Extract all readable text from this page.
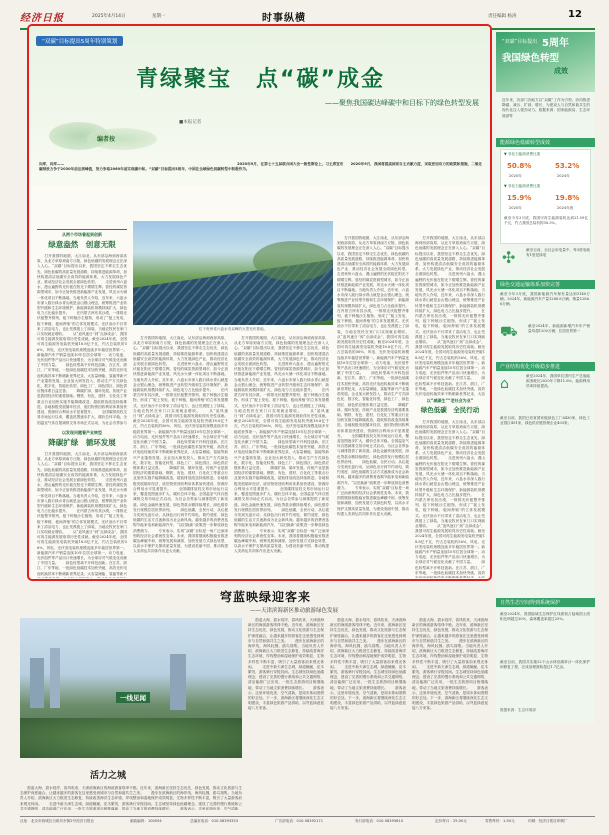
经济日报	2025年4月14日	星期一	时事纵横	责任编辑 杨涛	12
“双碳”目标提出5周年特别策划
青绿聚宝　点“碳”成金
——聚焦我国碳达峰碳中和目标下的绿色转型发展
■本报记者　　
编者按
向库，向库——　　　　　　　　　　　　　　　　　　　　　　　　　　　　　　　　　　　　　　　　　　　　　　　　2020年9月，在第七十五届联合国大会一般性辩论上，习主席宣布　　2020年9月，我国将提高国家自主贡献力度，采取更加有力的政策和措施，二氧化碳排放力争于2030年前达到峰值，努力争取2060年前实现碳中和。“双碳”目标提出5周年，中国在全球绿色低碳转型中积极作为。
从两个市场看起到创新
绿意盎然　创意无限
　　打开我国的地图，大江南北，从东部沿海到西部高原，从北方草原到南方丘陵，绿色低碳的发展理念正在深入人心。“双碳”目标提出以来，我国坚定不移走生态优先、绿色低碳的高质量发展道路，持续推进能源革命，加快构建清洁低碳安全高效的能源体系，大力发展绿色产业，推动经济社会发展全面绿色转型。　　走进贵州六盘水，漫山遍野的光伏板在阳光下熠熠生辉。曾经的煤炭资源型城市，如今正加快推进新能源产业发展，风光水火储一体化项目不断落地。当地负责人介绍，近年来，六盘水市深入践行绿水青山就是金山银山理念，统筹推进产业转型升级和生态环境保护，新能源装机规模持续扩大，绿色电力占比稳步提升。　　在内蒙古库布其沙漠，一排排光伏板整齐排列，板下种植沙生植物，形成了“板上发电、板下种植、板间养殖”的立体发展模式。光伏治沙不仅带来了清洁电力，也让荒漠披上了绿装，当地农牧民在家门口实现就业增收。　　从“追风逐日”到“点绿成金”，我国可再生能源发展取得历史性成就。截至2024年底，全国可再生能源发电装机突破18.8亿千瓦，约占总装机的56%，风电、光伏发电装机规模连续多年稳居世界第一。新能源汽车产销量连续10年位居全球第一，动力电池、光伏组件等产品出口快速增长，为全球应对气候变化贡献了中国力量。　　绿色转型离不开科技创新。在江苏、浙江、广东等地，一批绿色低碳技术加快突破，高效光伏电池转换效率不断刷新世界纪录，大容量储能、氢能等新兴产业蓬勃发展。企业加大研发投入，推动生产方式绿色化、数字化、智能化转型，绿色工厂、绿色园区、绿色供应链体系日益完善。　　降碳扩绿，循环发展。传统产业是我国经济的重要基础。钢铁、有色、建材、石化化工等重点行业加快实施节能降碳改造，超低排放改造持续推进。各地积极发展循环经济，废旧物资回收利用体系加快建设，资源综合利用水平显著提升。　　全国碳排放权交易市场运行以来，覆盖范围逐步扩大，碳价总体平稳。全国温室气体自愿减排交易市场正式启动，为社会各界参与　　　　
以发现问题看产业转型
降碳扩绿　循环发展
　　打开我国的地图，大江南北，从东部沿海到西部高原，从北方草原到南方丘陵，绿色低碳的发展理念正在深入人心。“双碳”目标提出以来，我国坚定不移走生态优先、绿色低碳的高质量发展道路，持续推进能源革命，加快构建清洁低碳安全高效的能源体系，大力发展绿色产业，推动经济社会发展全面绿色转型。　　走进贵州六盘水，漫山遍野的光伏板在阳光下熠熠生辉。曾经的煤炭资源型城市，如今正加快推进新能源产业发展，风光水火储一体化项目不断落地。当地负责人介绍，近年来，六盘水市深入践行绿水青山就是金山银山理念，统筹推进产业转型升级和生态环境保护，新能源装机规模持续扩大，绿色电力占比稳步提升。　　在内蒙古库布其沙漠，一排排光伏板整齐排列，板下种植沙生植物，形成了“板上发电、板下种植、板间养殖”的立体发展模式。光伏治沙不仅带来了清洁电力，也让荒漠披上了绿装，当地农牧民在家门口实现就业增收。　　从“追风逐日”到“点绿成金”，我国可再生能源发展取得历史性成就。截至2024年底，全国可再生能源发电装机突破18.8亿千瓦，约占总装机的56%，风电、光伏发电装机规模连续多年稳居世界第一。新能源汽车产销量连续10年位居全球第一，动力电池、光伏组件等产品出口快速增长，为全球应对气候变化贡献了中国力量。　　绿色转型离不开科技创新。在江苏、浙江、广东等地，一批绿色低碳技术加快突破，高效光伏电池转换效率不断刷新世界纪录，大容量储能、氢能等新兴　　　　　　　　
位于贵州省六盘水市双峰的大型光伏基地。
　　打开我国的地图，大江南北，从东部沿海到西部高原，从北方草原到南方丘陵，绿色低碳的发展理念正在深入人心。“双碳”目标提出以来，我国坚定不移走生态优先、绿色低碳的高质量发展道路，持续推进能源革命，加快构建清洁低碳安全高效的能源体系，大力发展绿色产业，推动经济社会发展全面绿色转型。　　走进贵州六盘水，漫山遍野的光伏板在阳光下熠熠生辉。曾经的煤炭资源型城市，如今正加快推进新能源产业发展，风光水火储一体化项目不断落地。当地负责人介绍，近年来，六盘水市深入践行绿水青山就是金山银山理念，统筹推进产业转型升级和生态环境保护，新能源装机规模持续扩大，绿色电力占比稳步提升。　　在内蒙古库布其沙漠，一排排光伏板整齐排列，板下种植沙生植物，形成了“板上发电、板下种植、板间养殖”的立体发展模式。光伏治沙不仅带来了清洁电力，也让荒漠披上了绿装，当地农牧民在家门口实现就业增收。　　从“追风逐日”到“点绿成金”，我国可再生能源发展取得历史性成就。截至2024年底，全国可再生能源发电装机突破18.8亿千瓦，约占总装机的56%，风电、光伏发电装机规模连续多年稳居世界第一。新能源汽车产销量连续10年位居全球第一，动力电池、光伏组件等产品出口快速增长，为全球应对气候变化贡献了中国力量。　　绿色转型离不开科技创新。在江苏、浙江、广东等地，一批绿色低碳技术加快突破，高效光伏电池转换效率不断刷新世界纪录，大容量储能、氢能等新兴产业蓬勃发展。企业加大研发投入，推动生产方式绿色化、数字化、智能化转型，绿色工厂、绿色园区、绿色供应链体系日益完善。　　降碳扩绿，循环发展。传统产业是我国经济的重要基础。钢铁、有色、建材、石化化工等重点行业加快实施节能降碳改造，超低排放改造持续推进。各地积极发展循环经济，废旧物资回收利用体系加快建设，资源综合利用水平显著提升。　　全国碳排放权交易市场运行以来，覆盖范围逐步扩大，碳价总体平稳。全国温室气体自愿减排交易市场正式启动，为社会各界参与减排提供了新渠道。绿色金融快速发展，绿色贷款余额持续增长，绿色债券发行规模位居世界前列。　　绿色低碳，全民行动。从垃圾分类到光盘行动，从绿色出行到节约用电，简约适度、绿色低碳的生活方式逐渐成为社会新风尚。越来越多的消费者选购节能家电和新能源汽车，“以旧换新”政策进一步释放绿色消费潜力。　　专家表示，实现“双碳”目标是一场广泛而深刻的经济社会系统性变革。未来，我国将继续积极稳妥推进碳达峰碳中和，统筹发展和减排，加快发展方式绿色转型，以高水平保护支撑高质量发展，为建设美丽中国、推动构建人类命运共同体作出更大贡献。
　　打开我国的地图，大江南北，从东部沿海到西部高原，从北方草原到南方丘陵，绿色低碳的发展理念正在深入人心。“双碳”目标提出以来，我国坚定不移走生态优先、绿色低碳的高质量发展道路，持续推进能源革命，加快构建清洁低碳安全高效的能源体系，大力发展绿色产业，推动经济社会发展全面绿色转型。　　走进贵州六盘水，漫山遍野的光伏板在阳光下熠熠生辉。曾经的煤炭资源型城市，如今正加快推进新能源产业发展，风光水火储一体化项目不断落地。当地负责人介绍，近年来，六盘水市深入践行绿水青山就是金山银山理念，统筹推进产业转型升级和生态环境保护，新能源装机规模持续扩大，绿色电力占比稳步提升。　　在内蒙古库布其沙漠，一排排光伏板整齐排列，板下种植沙生植物，形成了“板上发电、板下种植、板间养殖”的立体发展模式。光伏治沙不仅带来了清洁电力，也让荒漠披上了绿装，当地农牧民在家门口实现就业增收。　　从“追风逐日”到“点绿成金”，我国可再生能源发展取得历史性成就。截至2024年底，全国可再生能源发电装机突破18.8亿千瓦，约占总装机的56%，风电、光伏发电装机规模连续多年稳居世界第一。新能源汽车产销量连续10年位居全球第一，动力电池、光伏组件等产品出口快速增长，为全球应对气候变化贡献了中国力量。　　绿色转型离不开科技创新。在江苏、浙江、广东等地，一批绿色低碳技术加快突破，高效光伏电池转换效率不断刷新世界纪录，大容量储能、氢能等新兴产业蓬勃发展。企业加大研发投入，推动生产方式绿色化、数字化、智能化转型，绿色工厂、绿色园区、绿色供应链体系日益完善。　　降碳扩绿，循环发展。传统产业是我国经济的重要基础。钢铁、有色、建材、石化化工等重点行业加快实施节能降碳改造，超低排放改造持续推进。各地积极发展循环经济，废旧物资回收利用体系加快建设，资源综合利用水平显著提升。　　全国碳排放权交易市场运行以来，覆盖范围逐步扩大，碳价总体平稳。全国温室气体自愿减排交易市场正式启动，为社会各界参与减排提供了新渠道。绿色金融快速发展，绿色贷款余额持续增长，绿色债券发行规模位居世界前列。　　绿色低碳，全民行动。从垃圾分类到光盘行动，从绿色出行到节约用电，简约适度、绿色低碳的生活方式逐渐成为社会新风尚。越来越多的消费者选购节能家电和新能源汽车，“以旧换新”政策进一步释放绿色消费潜力。　　专家表示，实现“双碳”目标是一场广泛而深刻的经济社会系统性变革。未来，我国将继续积极稳妥推进碳达峰碳中和，统筹发展和减排，加快发展方式绿色转型，以高水平保护支撑高质量发展，为建设美丽中国、推动构建人类命运共同体作出更大贡献。
　　打开我国的地图，大江南北，从东部沿海到西部高原，从北方草原到南方丘陵，绿色低碳的发展理念正在深入人心。“双碳”目标提出以来，我国坚定不移走生态优先、绿色低碳的高质量发展道路，持续推进能源革命，加快构建清洁低碳安全高效的能源体系，大力发展绿色产业，推动经济社会发展全面绿色转型。　　走进贵州六盘水，漫山遍野的光伏板在阳光下熠熠生辉。曾经的煤炭资源型城市，如今正加快推进新能源产业发展，风光水火储一体化项目不断落地。当地负责人介绍，近年来，六盘水市深入践行绿水青山就是金山银山理念，统筹推进产业转型升级和生态环境保护，新能源装机规模持续扩大，绿色电力占比稳步提升。　　在内蒙古库布其沙漠，一排排光伏板整齐排列，板下种植沙生植物，形成了“板上发电、板下种植、板间养殖”的立体发展模式。光伏治沙不仅带来了清洁电力，也让荒漠披上了绿装，当地农牧民在家门口实现就业增收。　　从“追风逐日”到“点绿成金”，我国可再生能源发展取得历史性成就。截至2024年底，全国可再生能源发电装机突破18.8亿千瓦，约占总装机的56%，风电、光伏发电装机规模连续多年稳居世界第一。新能源汽车产销量连续10年位居全球第一，动力电池、光伏组件等产品出口快速增长，为全球应对气候变化贡献了中国力量。　　绿色转型离不开科技创新。在江苏、浙江、广东等地，一批绿色低碳技术加快突破，高效光伏电池转换效率不断刷新世界纪录，大容量储能、氢能等新兴产业蓬勃发展。企业加大研发投入，推动生产方式绿色化、数字化、智能化转型，绿色工厂、绿色园区、绿色供应链体系日益完善。　　降碳扩绿，循环发展。传统产业是我国经济的重要基础。钢铁、有色、建材、石化化工等重点行业加快实施节能降碳改造，超低排放改造持续推进。各地积极发展循环经济，废旧物资回收利用体系加快建设，资源综合利用水平显著提升。　　全国碳排放权交易市场运行以来，覆盖范围逐步扩大，碳价总体平稳。全国温室气体自愿减排交易市场正式启动，为社会各界参与减排提供了新渠道。绿色金融快速发展，绿色贷款余额持续增长，绿色债券发行规模位居世界前列。　　绿色低碳，全民行动。从垃圾分类到光盘行动，从绿色出行到节约用电，简约适度、绿色低碳的生活方式逐渐成为社会新风尚。越来越多的消费者选购节能家电和新能源汽车，“以旧换新”政策进一步释放绿色消费潜力。　　专家表示，实现“双碳”目标是一场广泛而深刻的经济社会系统性变革。未来，我国将继续积极稳妥推进碳达峰碳中和，统筹发展和减排，加快发展方式绿色转型，以高水平保护支撑高质量发展，为建设美丽中国、推动构建人类命运共同体作出更大贡献。
　　打开我国的地图，大江南北，从东部沿海到西部高原，从北方草原到南方丘陵，绿色低碳的发展理念正在深入人心。“双碳”目标提出以来，我国坚定不移走生态优先、绿色低碳的高质量发展道路，持续推进能源革命，加快构建清洁低碳安全高效的能源体系，大力发展绿色产业，推动经济社会发展全面绿色转型。　　走进贵州六盘水，漫山遍野的光伏板在阳光下熠熠生辉。曾经的煤炭资源型城市，如今正加快推进新能源产业发展，风光水火储一体化项目不断落地。当地负责人介绍，近年来，六盘水市深入践行绿水青山就是金山银山理念，统筹推进产业转型升级和生态环境保护，新能源装机规模持续扩大，绿色电力占比稳步提升。　　在内蒙古库布其沙漠，一排排光伏板整齐排列，板下种植沙生植物，形成了“板上发电、板下种植、板间养殖”的立体发展模式。光伏治沙不仅带来了清洁电力，也让荒漠披上了绿装，当地农牧民在家门口实现就业增收。　　从“追风逐日”到“点绿成金”，我国可再生能源发展取得历史性成就。截至2024年底，全国可再生能源发电装机突破18.8亿千瓦，约占总装机的56%，风电、光伏发电装机规模连续多年稳居世界第一。新能源汽车产销量连续10年位居全球第一，动力电池、光伏组件等产品出口快速增长，为全球应对气候变化贡献了中国力量。　　绿色转型离不开科技创新。在江苏、浙江、广东等地，一批绿色低碳技术加快突破，高效光伏电池转换效率不断刷新世界纪录，大容　　　　　　　　
以“减碳生”“老社会为业”
绿色低碳　全民行动
　　打开我国的地图，大江南北，从东部沿海到西部高原，从北方草原到南方丘陵，绿色低碳的发展理念正在深入人心。“双碳”目标提出以来，我国坚定不移走生态优先、绿色低碳的高质量发展道路，持续推进能源革命，加快构建清洁低碳安全高效的能源体系，大力发展绿色产业，推动经济社会发展全面绿色转型。　　走进贵州六盘水，漫山遍野的光伏板在阳光下熠熠生辉。曾经的煤炭资源型城市，如今正加快推进新能源产业发展，风光水火储一体化项目不断落地。当地负责人介绍，近年来，六盘水市深入践行绿水青山就是金山银山理念，统筹推进产业转型升级和生态环境保护，新能源装机规模持续扩大，绿色电力占比稳步提升。　　在内蒙古库布其沙漠，一排排光伏板整齐排列，板下种植沙生植物，形成了“板上发电、板下种植、板间养殖”的立体发展模式。光伏治沙不仅带来了清洁电力，也让荒漠披上了绿装，当地农牧民在家门口实现就业增收。　　从“追风逐日”到“点绿成金”，我国可再生能源发展取得历史性成就。截至2024年底，全国可再生能源发电装机突破18.8亿千瓦，约占总装机的56%，风电、光伏发电装机规模连续多年稳居世界第一。新能源汽车产销量连续10年位居全球第一，动力电池、光伏组件等产品出口快速增长，为全球应对气候变化贡献了中国力量。　　绿色转型离不开科技创新。在江苏、浙江、广东等地，一批绿色低碳技术加快突破，高效　　　　　　　　
“双碳”目标提出 5周年
我国绿色转型
成效
近年来，各部门各地方以“双碳”工作为引领，协同推进降碳、减污、扩绿、增长，为建设人与自然和谐共生的现代化注入强劲动力。数据来源：国家能源局、生态环境部等
能源绿色低碳转型成效
▼ 非化石能源消费比重
50.8%	53.2%
2020年	2024年
▼ 非化石能源消费比重
15.9%	19.8%
2020年	2024年底
截至今年3月底，我国可再生能源装机达到21.59亿千瓦，约占我国总装机的58.3%。
✣	截至目前，全社会用电量中，每3度电就有1度是绿电
绿色交通运输体系加快完善
截至今年3月底，我国新能源汽车保有量达到3140万辆。2024年，新能源汽车产量1288.8万辆，销量1286.6万辆。
⛟	截至2024年，新能源新增汽车年产销量均超1200万辆，位居世界第一
产业结构优化升级稳步推进
截至2024年，我国单位国内生产总值能源消耗比2020年下降11.6%，能源利用效率持续提高。
⌂
截至目前，我国已培育国家级绿色工厂6430家，绿色工业园区491家，绿色供应链管理企业403家。
自然生态空间得到系统保护
截至2024年，我国陆域生态保护红线面积占陆域国土面积比例超过30%，森林覆盖率超过25%。
截至目前，我国共实施52个山水林田湖草沙一体化保护和修复工程，完成治理面积超过1.7亿亩。
数据来源：生态环境部
穹蓝映绿迎客来
——天津滨海新区推动旅游绿色发展
一线见闻
活力之城
　　蔚蓝大海，碧水绕岸，春风吹来，天津滨海新区的海滨游客络绎不绝。近年来，滨海新区坚持生态优先、绿色发展，推动文化旅游与生态保护深度融合，让越来越多的游客在这里感受到城市与自然和谐共生之美。　　漫步在滨海新区的海岸线，海风轻拂，鸥鸟翔集。当地负责人介绍，滨海新区大力推进生态修复，持续改善海洋生态环境，岸线整治和湿地保护成效明显，生物多样性不断丰富，吸引了大量游客前来观光休闲。　　走进中新天津生态城，绿道蜿蜒，花木繁茂，游客骑行穿梭其间。生态城坚持绿色低碳理念，建设了完善的慢行系统和公共交通网络，清洁能源广泛应用，一批生态旅游项目相继落地，带动了当地文旅消费持续增长。　　游客表示，这里环境优美、空气清新，
　　蔚蓝大海，碧水绕岸，春风吹来，天津滨海新区的海滨游客络绎不绝。近年来，滨海新区坚持生态优先、绿色发展，推动文化旅游与生态保护深度融合，让越来越多的游客在这里感受到城市与自然和谐共生之美。　　漫步在滨海新区的海岸线，海风轻拂，鸥鸟翔集。当地负责人介绍，滨海新区大力推进生态修复，持续改善海洋生态环境，岸线整治和湿地保护成效明显，生物多样性不断丰富，吸引了大量游客前来观光休闲。　　走进中新天津生态城，绿道蜿蜒，花木繁茂，游客骑行穿梭其间。生态城坚持绿色低碳理念，建设了完善的慢行系统和公共交通网络，清洁能源广泛应用，一批生态旅游项目相继落地，带动了当地文旅消费持续增长。　　游客表示，这里环境优美、空气清新，是周末休闲度假的好去处。下一步，滨海新区将继续深化生态文明建设，丰富绿色旅游产品供给，以穹蓝绿意迎接八方来客。
　　蔚蓝大海，碧水绕岸，春风吹来，天津滨海新区的海滨游客络绎不绝。近年来，滨海新区坚持生态优先、绿色发展，推动文化旅游与生态保护深度融合，让越来越多的游客在这里感受到城市与自然和谐共生之美。　　漫步在滨海新区的海岸线，海风轻拂，鸥鸟翔集。当地负责人介绍，滨海新区大力推进生态修复，持续改善海洋生态环境，岸线整治和湿地保护成效明显，生物多样性不断丰富，吸引了大量游客前来观光休闲。　　走进中新天津生态城，绿道蜿蜒，花木繁茂，游客骑行穿梭其间。生态城坚持绿色低碳理念，建设了完善的慢行系统和公共交通网络，清洁能源广泛应用，一批生态旅游项目相继落地，带动了当地文旅消费持续增长。　　游客表示，这里环境优美、空气清新，是周末休闲度假的好去处。下一步，滨海新区将继续深化生态文明建设，丰富绿色旅游产品供给，以穹蓝绿意迎接八方来客。
　　蔚蓝大海，碧水绕岸，春风吹来，天津滨海新区的海滨游客络绎不绝。近年来，滨海新区坚持生态优先、绿色发展，推动文化旅游与生态保护深度融合，让越来越多的游客在这里感受到城市与自然和谐共生之美。　　漫步在滨海新区的海岸线，海风轻拂，鸥鸟翔集。当地负责人介绍，滨海新区大力推进生态修复，持续改善海洋生态环境，岸线整治和湿地保护成效明显，生物多样性不断丰富，吸引了大量游客前来观光休闲。　　走进中新天津生态城，绿道蜿蜒，花木繁茂，游客骑行穿梭其间。生态城坚持绿色低碳理念，建设了完善的慢行系统和公共交通网络，清洁能源广泛应用，一批生态旅游项目相继落地，带动了当地文旅消费持续增长。　　游客表示，这里环境优美、空气清新，是周末休闲度假的好去处。下一步，滨海新区将继续深化生态文明建设，丰富绿色旅游产品供给，以穹蓝绿意迎接八方来客。
社址：北京市西城区白纸坊东街2号经济日报社	邮政编码：100054	总编室电话：010-58393333	广告部电话：010-58392171	发行部电话：010-58393610	定价每月：25.00元	零售每份：1.50元	印刷：经济日报社印刷厂
